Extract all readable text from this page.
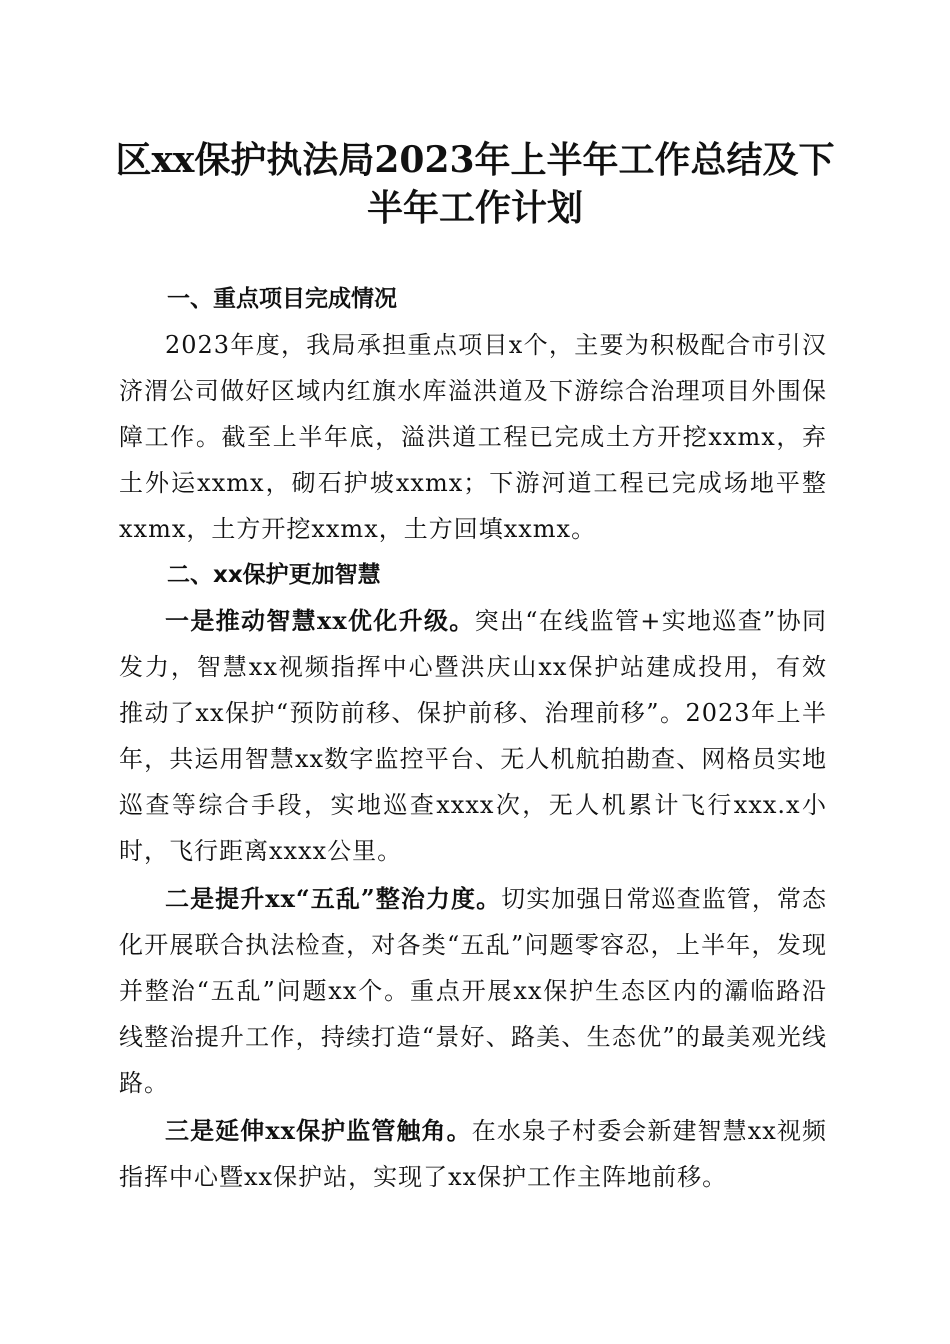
区xx保护执法局2023年上半年工作总结及下
半年工作计划

一、重点项目完成情况

2023年度，我局承担重点项目x个，主要为积极配合市引汉济渭公司做好区域内红旗水库溢洪道及下游综合治理项目外围保障工作。截至上半年底，溢洪道工程已完成土方开挖xxmx，弃土外运xxmx，砌石护坡xxmx；下游河道工程已完成场地平整xxmx，土方开挖xxmx，土方回填xxmx。

二、xx保护更加智慧

一是推动智慧xx优化升级。突出“在线监管+实地巡查”协同发力，智慧xx视频指挥中心暨洪庆山xx保护站建成投用，有效推动了xx保护“预防前移、保护前移、治理前移”。2023年上半年，共运用智慧xx数字监控平台、无人机航拍勘查、网格员实地巡查等综合手段，实地巡查xxxx次，无人机累计飞行xxx.x小时，飞行距离xxxx公里。

二是提升xx“五乱”整治力度。切实加强日常巡查监管，常态化开展联合执法检查，对各类“五乱”问题零容忍，上半年，发现并整治“五乱”问题xx个。重点开展xx保护生态区内的灞临路沿线整治提升工作，持续打造“景好、路美、生态优”的最美观光线路。

三是延伸xx保护监管触角。在水泉子村委会新建智慧xx视频指挥中心暨xx保护站，实现了xx保护工作主阵地前移。
